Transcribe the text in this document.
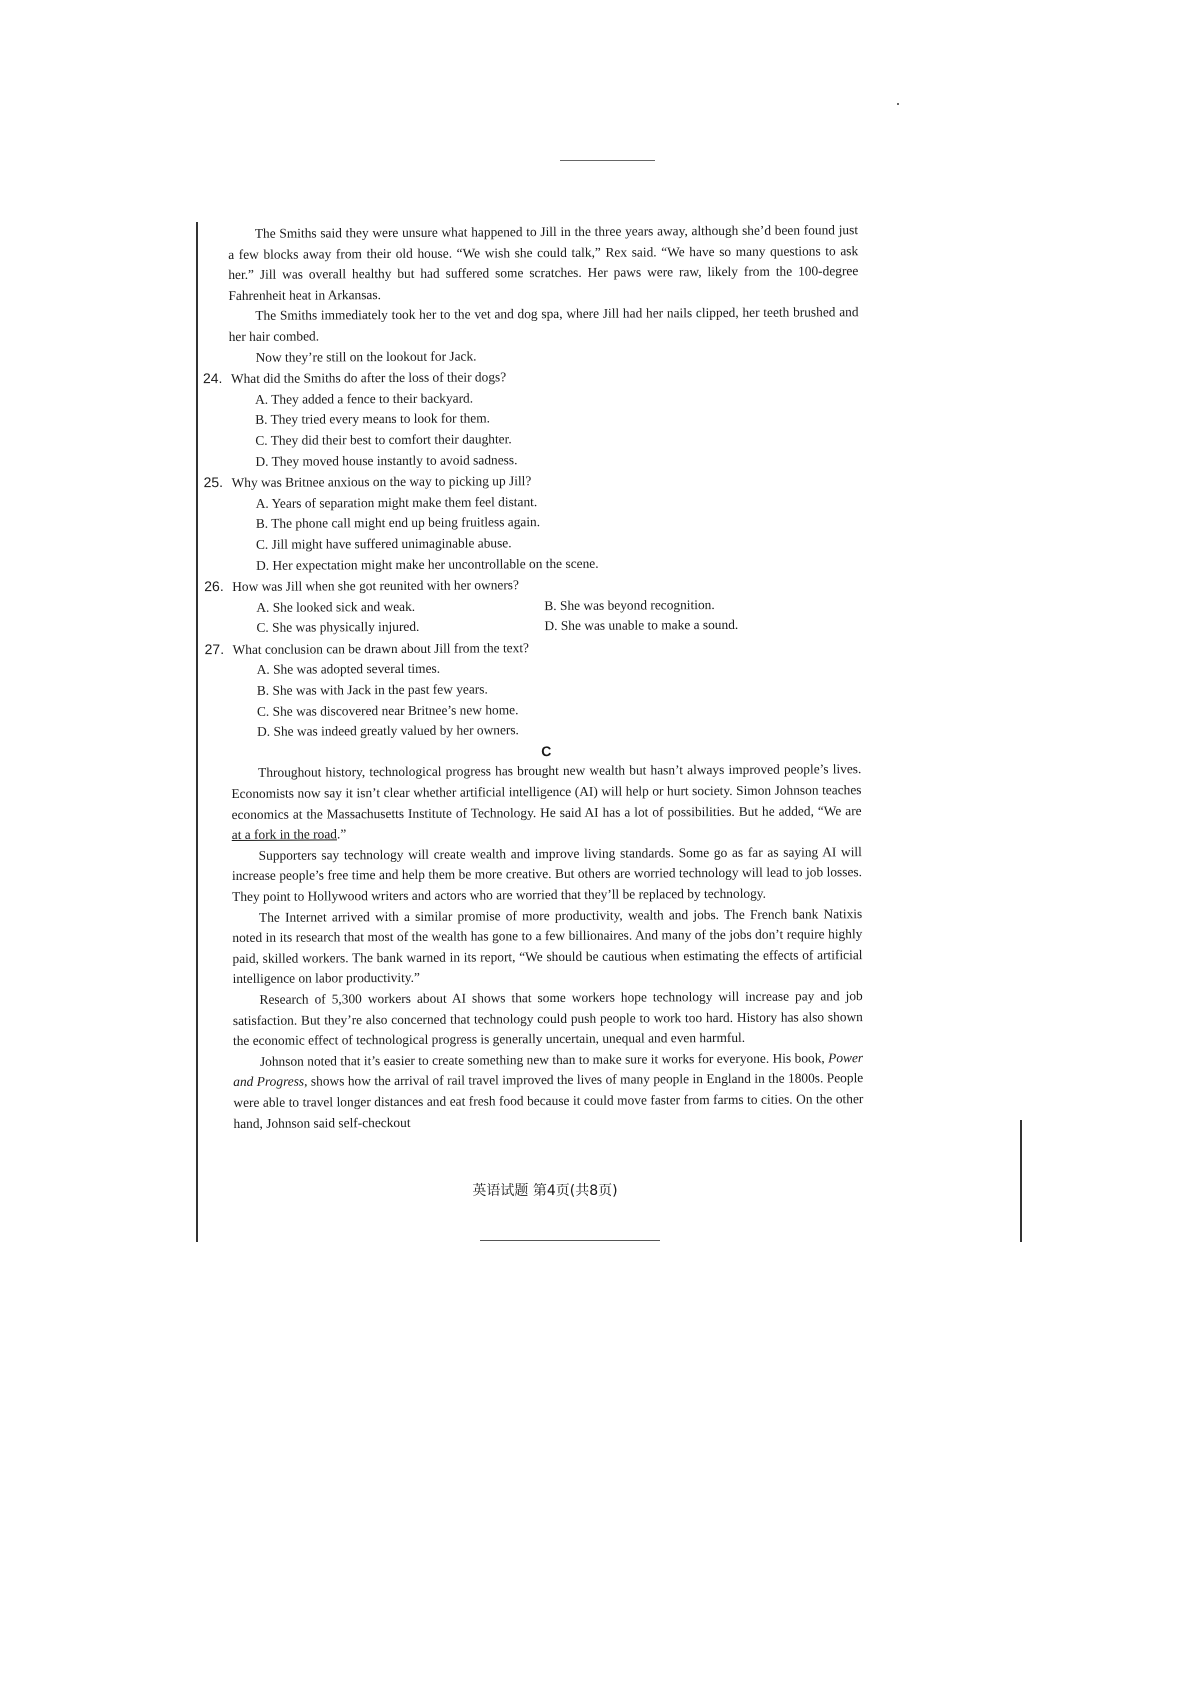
The Smiths said they were unsure what happened to Jill in the three years away, although she’d been found just a few blocks away from their old house. “We wish she could talk,” Rex said. “We have so many questions to ask her.” Jill was overall healthy but had suffered some scratches. Her paws were raw, likely from the 100-degree Fahrenheit heat in Arkansas.

The Smiths immediately took her to the vet and dog spa, where Jill had her nails clipped, her teeth brushed and her hair combed.

Now they’re still on the lookout for Jack.

24. What did the Smiths do after the loss of their dogs?

A. They added a fence to their backyard.

B. They tried every means to look for them.

C. They did their best to comfort their daughter.

D. They moved house instantly to avoid sadness.

25. Why was Britnee anxious on the way to picking up Jill?

A. Years of separation might make them feel distant.

B. The phone call might end up being fruitless again.

C. Jill might have suffered unimaginable abuse.

D. Her expectation might make her uncontrollable on the scene.

26. How was Jill when she got reunited with her owners?

A. She looked sick and weak.	B. She was beyond recognition.

C. She was physically injured.	D. She was unable to make a sound.

27. What conclusion can be drawn about Jill from the text?

A. She was adopted several times.

B. She was with Jack in the past few years.

C. She was discovered near Britnee’s new home.

D. She was indeed greatly valued by her owners.

C

Throughout history, technological progress has brought new wealth but hasn’t always improved people’s lives. Economists now say it isn’t clear whether artificial intelligence (AI) will help or hurt society. Simon Johnson teaches economics at the Massachusetts Institute of Technology. He said AI has a lot of possibilities. But he added, “We are at a fork in the road.”

Supporters say technology will create wealth and improve living standards. Some go as far as saying AI will increase people’s free time and help them be more creative. But others are worried technology will lead to job losses. They point to Hollywood writers and actors who are worried that they’ll be replaced by technology.

The Internet arrived with a similar promise of more productivity, wealth and jobs. The French bank Natixis noted in its research that most of the wealth has gone to a few billionaires. And many of the jobs don’t require highly paid, skilled workers. The bank warned in its report, “We should be cautious when estimating the effects of artificial intelligence on labor productivity.”

Research of 5,300 workers about AI shows that some workers hope technology will increase pay and job satisfaction. But they’re also concerned that technology could push people to work too hard. History has also shown the economic effect of technological progress is generally uncertain, unequal and even harmful.

Johnson noted that it’s easier to create something new than to make sure it works for everyone. His book, Power and Progress, shows how the arrival of rail travel improved the lives of many people in England in the 1800s. People were able to travel longer distances and eat fresh food because it could move faster from farms to cities. On the other hand, Johnson said self-checkout

英语试题 第4页(共8页)
